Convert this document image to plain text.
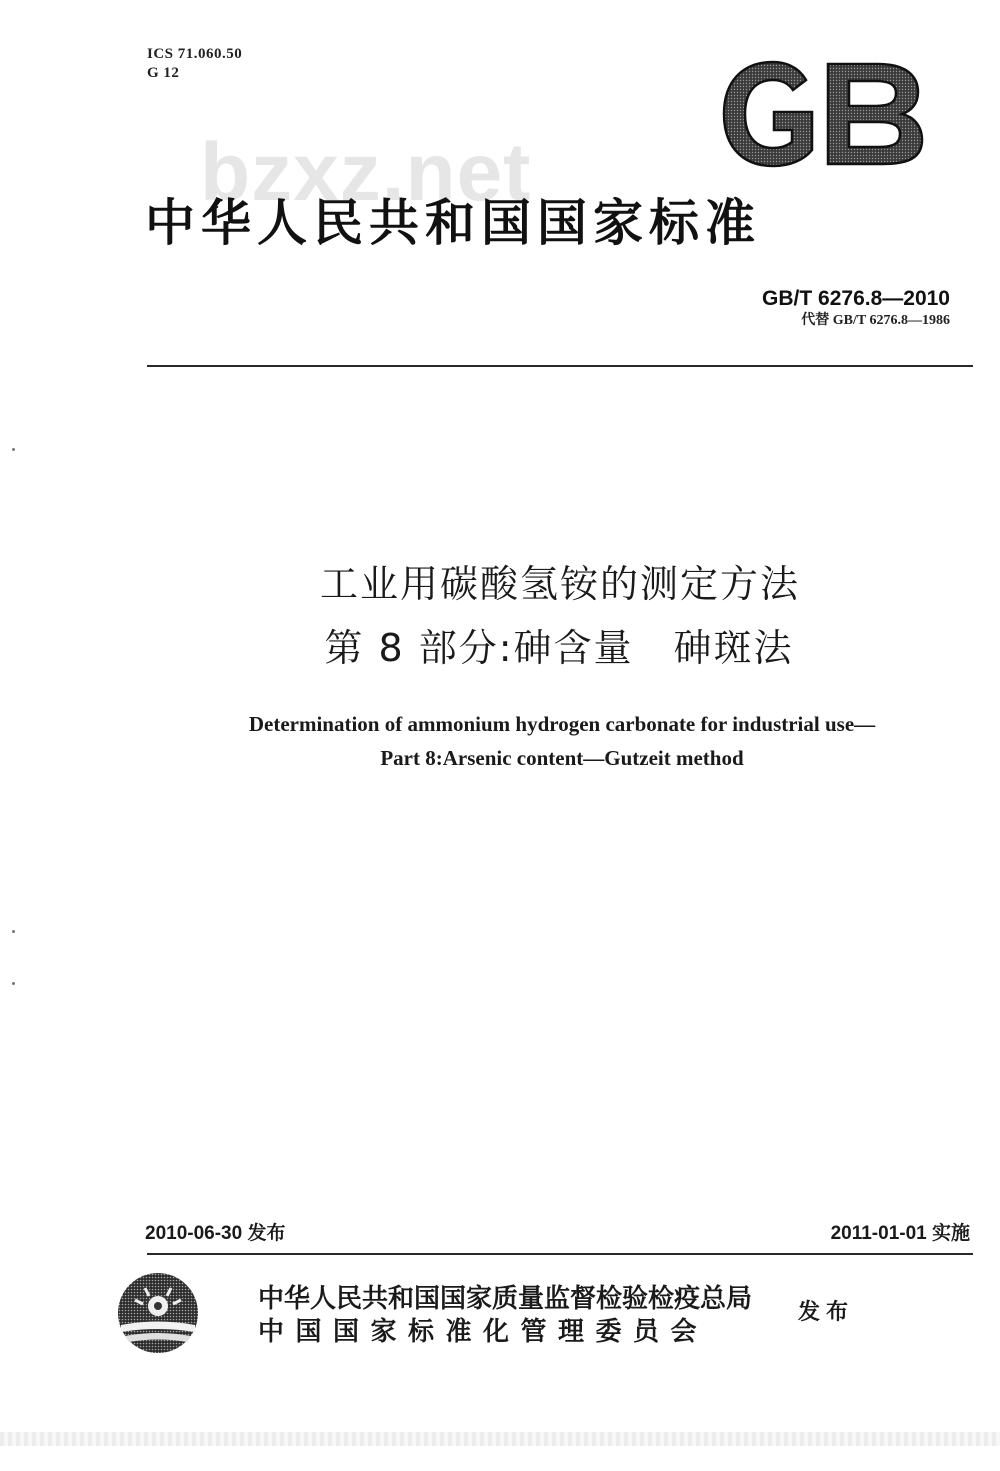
ICS 71.060.50
G 12
bzxz.net
中华人民共和国国家标准
GB/T 6276.8—2010
代替 GB/T 6276.8—1986
工业用碳酸氢铵的测定方法
第 8 部分:砷含量　砷斑法
Determination of ammonium hydrogen carbonate for industrial use—
Part 8:Arsenic content—Gutzeit method
2010-06-30 发布	2011-01-01 实施
中华人民共和国国家质量监督检验检疫总局
中国国家标准化管理委员会
发布
